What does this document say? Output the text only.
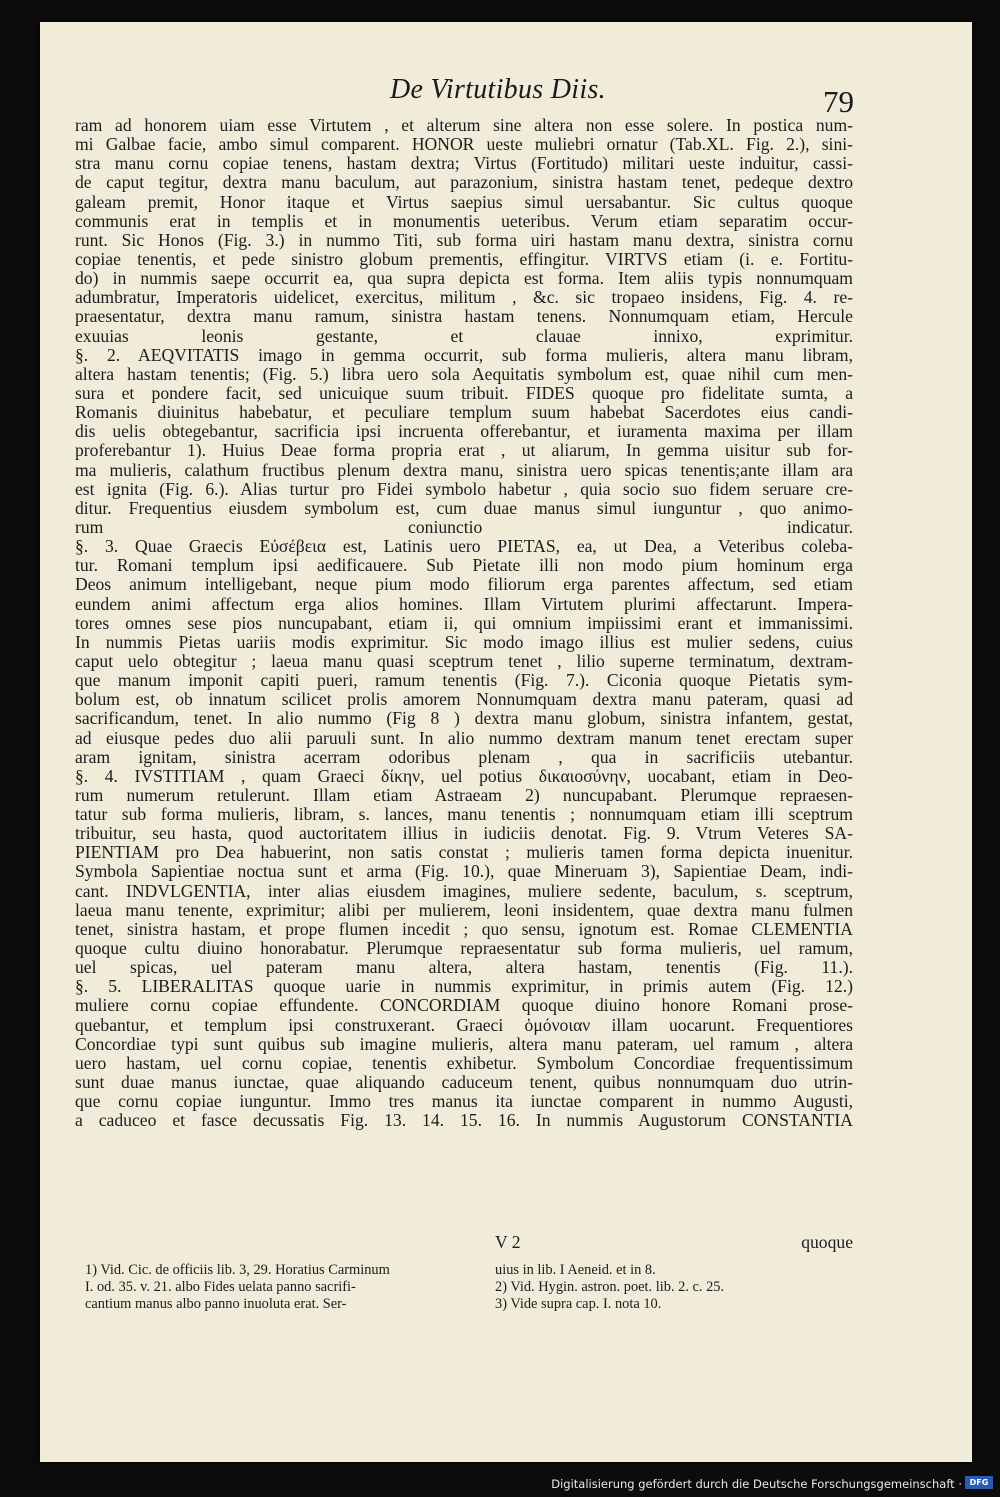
De Virtutibus Diis.	79
ram ad honorem uiam esse Virtutem , et alterum sine altera non esse solere. In postica num-
mi Galbae facie, ambo simul comparent. HONOR ueste muliebri ornatur (Tab.XL. Fig. 2.), sini-
stra manu cornu copiae tenens, hastam dextra; Virtus (Fortitudo) militari ueste induitur, cassi-
de caput tegitur, dextra manu baculum, aut parazonium, sinistra hastam tenet, pedeque dextro
galeam premit, Honor itaque et Virtus saepius simul uersabantur. Sic cultus quoque
communis erat in templis et in monumentis ueteribus. Verum etiam separatim occur-
runt. Sic Honos (Fig. 3.) in nummo Titi, sub forma uiri hastam manu dextra, sinistra cornu
copiae tenentis, et pede sinistro globum prementis, effingitur. VIRTVS etiam (i. e. Fortitu-
do) in nummis saepe occurrit ea, qua supra depicta est forma. Item aliis typis nonnumquam
adumbratur, Imperatoris uidelicet, exercitus, militum , &c. sic tropaeo insidens, Fig. 4. re-
praesentatur, dextra manu ramum, sinistra hastam tenens. Nonnumquam etiam, Hercule
exuuias leonis gestante, et clauae innixo, exprimitur.
§. 2. AEQVITATIS imago in gemma occurrit, sub forma mulieris, altera manu libram,
altera hastam tenentis; (Fig. 5.) libra uero sola Aequitatis symbolum est, quae nihil cum men-
sura et pondere facit, sed unicuique suum tribuit. FIDES quoque pro fidelitate sumta, a
Romanis diuinitus habebatur, et peculiare templum suum habebat Sacerdotes eius candi-
dis uelis obtegebantur, sacrificia ipsi incruenta offerebantur, et iuramenta maxima per illam
proferebantur 1). Huius Deae forma propria erat , ut aliarum, In gemma uisitur sub for-
ma mulieris, calathum fructibus plenum dextra manu, sinistra uero spicas tenentis;ante illam ara
est ignita (Fig. 6.). Alias turtur pro Fidei symbolo habetur , quia socio suo fidem seruare cre-
ditur. Frequentius eiusdem symbolum est, cum duae manus simul iunguntur , quo animo-
rum coniunctio indicatur.
§. 3. Quae Graecis Εὐσέβεια est, Latinis uero PIETAS, ea, ut Dea, a Veteribus coleba-
tur. Romani templum ipsi aedificauere. Sub Pietate illi non modo pium hominum erga
Deos animum intelligebant, neque pium modo filiorum erga parentes affectum, sed etiam
eundem animi affectum erga alios homines. Illam Virtutem plurimi affectarunt. Impera-
tores omnes sese pios nuncupabant, etiam ii, qui omnium impiissimi erant et immanissimi.
In nummis Pietas uariis modis exprimitur. Sic modo imago illius est mulier sedens, cuius
caput uelo obtegitur ; laeua manu quasi sceptrum tenet , lilio superne terminatum, dextram-
que manum imponit capiti pueri, ramum tenentis (Fig. 7.). Ciconia quoque Pietatis sym-
bolum est, ob innatum scilicet prolis amorem Nonnumquam dextra manu pateram, quasi ad
sacrificandum, tenet. In alio nummo (Fig 8 ) dextra manu globum, sinistra infantem, gestat,
ad eiusque pedes duo alii paruuli sunt. In alio nummo dextram manum tenet erectam super
aram ignitam, sinistra acerram odoribus plenam , qua in sacrificiis utebantur.
§. 4. IVSTITIAM , quam Graeci δίκην, uel potius δικαιοσύνην, uocabant, etiam in Deo-
rum numerum retulerunt. Illam etiam Astraeam 2) nuncupabant. Plerumque repraesen-
tatur sub forma mulieris, libram, s. lances, manu tenentis ; nonnumquam etiam illi sceptrum
tribuitur, seu hasta, quod auctoritatem illius in iudiciis denotat. Fig. 9. Vtrum Veteres SA-
PIENTIAM pro Dea habuerint, non satis constat ; mulieris tamen forma depicta inuenitur.
Symbola Sapientiae noctua sunt et arma (Fig. 10.), quae Mineruam 3), Sapientiae Deam, indi-
cant. INDVLGENTIA, inter alias eiusdem imagines, muliere sedente, baculum, s. sceptrum,
laeua manu tenente, exprimitur; alibi per mulierem, leoni insidentem, quae dextra manu fulmen
tenet, sinistra hastam, et prope flumen incedit ; quo sensu, ignotum est. Romae CLEMENTIA
quoque cultu diuino honorabatur. Plerumque repraesentatur sub forma mulieris, uel ramum,
uel spicas, uel pateram manu altera, altera hastam, tenentis (Fig. 11.).
§. 5. LIBERALITAS quoque uarie in nummis exprimitur, in primis autem (Fig. 12.)
muliere cornu copiae effundente. CONCORDIAM quoque diuino honore Romani prose-
quebantur, et templum ipsi construxerant. Graeci ὁμόνοιαν illam uocarunt. Frequentiores
Concordiae typi sunt quibus sub imagine mulieris, altera manu pateram, uel ramum , altera
uero hastam, uel cornu copiae, tenentis exhibetur. Symbolum Concordiae frequentissimum
sunt duae manus iunctae, quae aliquando caduceum tenent, quibus nonnumquam duo utrin-
que cornu copiae iunguntur. Immo tres manus ita iunctae comparent in nummo Augusti,
a caduceo et fasce decussatis Fig. 13. 14. 15. 16. In nummis Augustorum CONSTANTIA
V 2	quoque
1) Vid. Cic. de officiis lib. 3, 29. Horatius Carminum
I. od. 35. v. 21. albo Fides uelata panno sacrifi-
cantium manus albo panno inuoluta erat. Ser-
uius in lib. I Aeneid. et in 8.
2) Vid. Hygin. astron. poet. lib. 2. c. 25.
3) Vide supra cap. I. nota 10.
Digitalisierung gefördert durch die Deutsche Forschungsgemeinschaft · DFG
